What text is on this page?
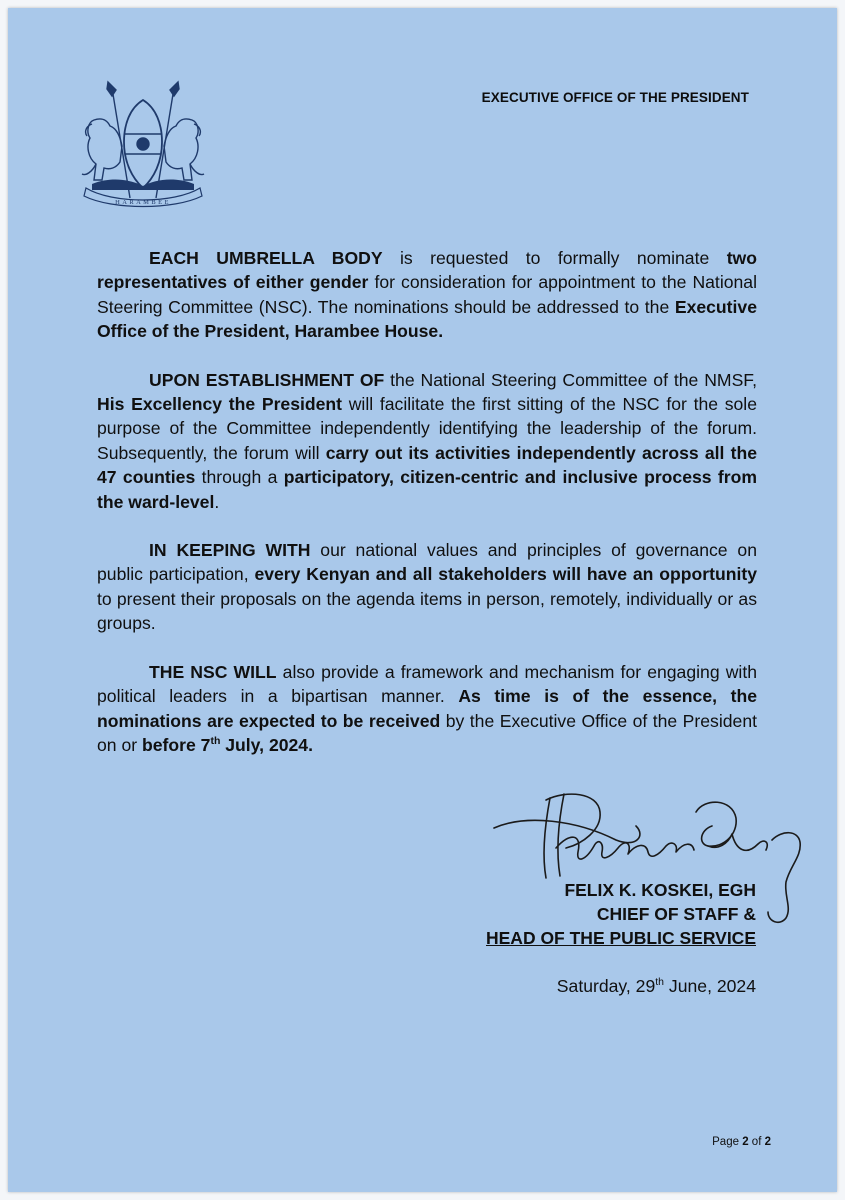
HARAMBEE
EXECUTIVE OFFICE OF THE PRESIDENT

EACH UMBRELLA BODY is requested to formally nominate two representatives of either gender for consideration for appointment to the National Steering Committee (NSC). The nominations should be addressed to the Executive Office of the President, Harambee House.

UPON ESTABLISHMENT OF the National Steering Committee of the NMSF, His Excellency the President will facilitate the first sitting of the NSC for the sole purpose of the Committee independently identifying the leadership of the forum. Subsequently, the forum will carry out its activities independently across all the 47 counties through a participatory, citizen-centric and inclusive process from the ward-level.

IN KEEPING WITH our national values and principles of governance on public participation, every Kenyan and all stakeholders will have an opportunity to present their proposals on the agenda items in person, remotely, individually or as groups.

THE NSC WILL also provide a framework and mechanism for engaging with political leaders in a bipartisan manner. As time is of the essence, the nominations are expected to be received by the Executive Office of the President on or before 7th July, 2024.

FELIX K. KOSKEI, EGH
CHIEF OF STAFF &
HEAD OF THE PUBLIC SERVICE
Saturday, 29th June, 2024
Page 2 of 2
